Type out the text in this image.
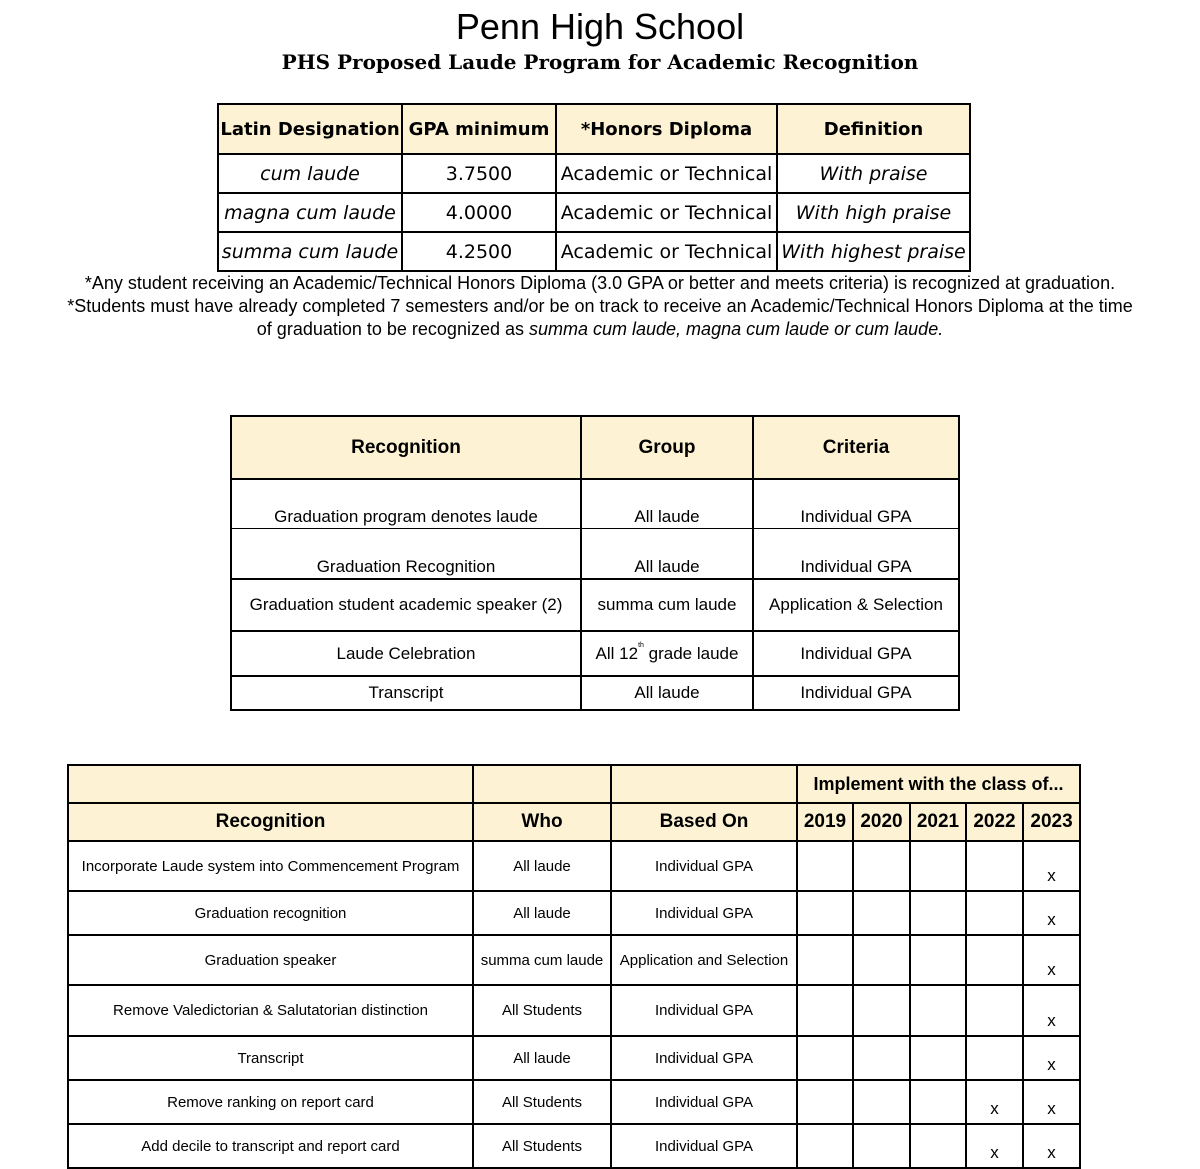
Penn High School
PHS Proposed Laude Program for Academic Recognition
Latin Designation	GPA minimum	*Honors Diploma	Definition
cum laude	3.7500	Academic or Technical	With praise
magna cum laude	4.0000	Academic or Technical	With high praise
summa cum laude	4.2500	Academic or Technical	With highest praise

*Any student receiving an Academic/Technical Honors Diploma (3.0 GPA or better and meets criteria) is recognized at graduation.

*Students must have already completed 7 semesters and/or be on track to receive an Academic/Technical Honors Diploma at the time of graduation to be recognized as summa cum laude, magna cum laude or cum laude.

Recognition	Group	Criteria
Graduation program denotes laude	All laude	Individual GPA
Graduation Recognition	All laude	Individual GPA
Graduation student academic speaker (2)	summa cum laude	Application & Selection
Laude Celebration	All 12th grade laude	Individual GPA
Transcript	All laude	Individual GPA
			Implement with the class of...				
Recognition	Who	Based On	2019	2020	2021	2022	2023
Incorporate Laude system into Commencement Program	All laude	Individual GPA					x
Graduation recognition	All laude	Individual GPA					x
Graduation speaker	summa cum laude	Application and Selection					x
Remove Valedictorian & Salutatorian distinction	All Students	Individual GPA					x
Transcript	All laude	Individual GPA					x
Remove ranking on report card	All Students	Individual GPA				x	x
Add decile to transcript and report card	All Students	Individual GPA				x	x
